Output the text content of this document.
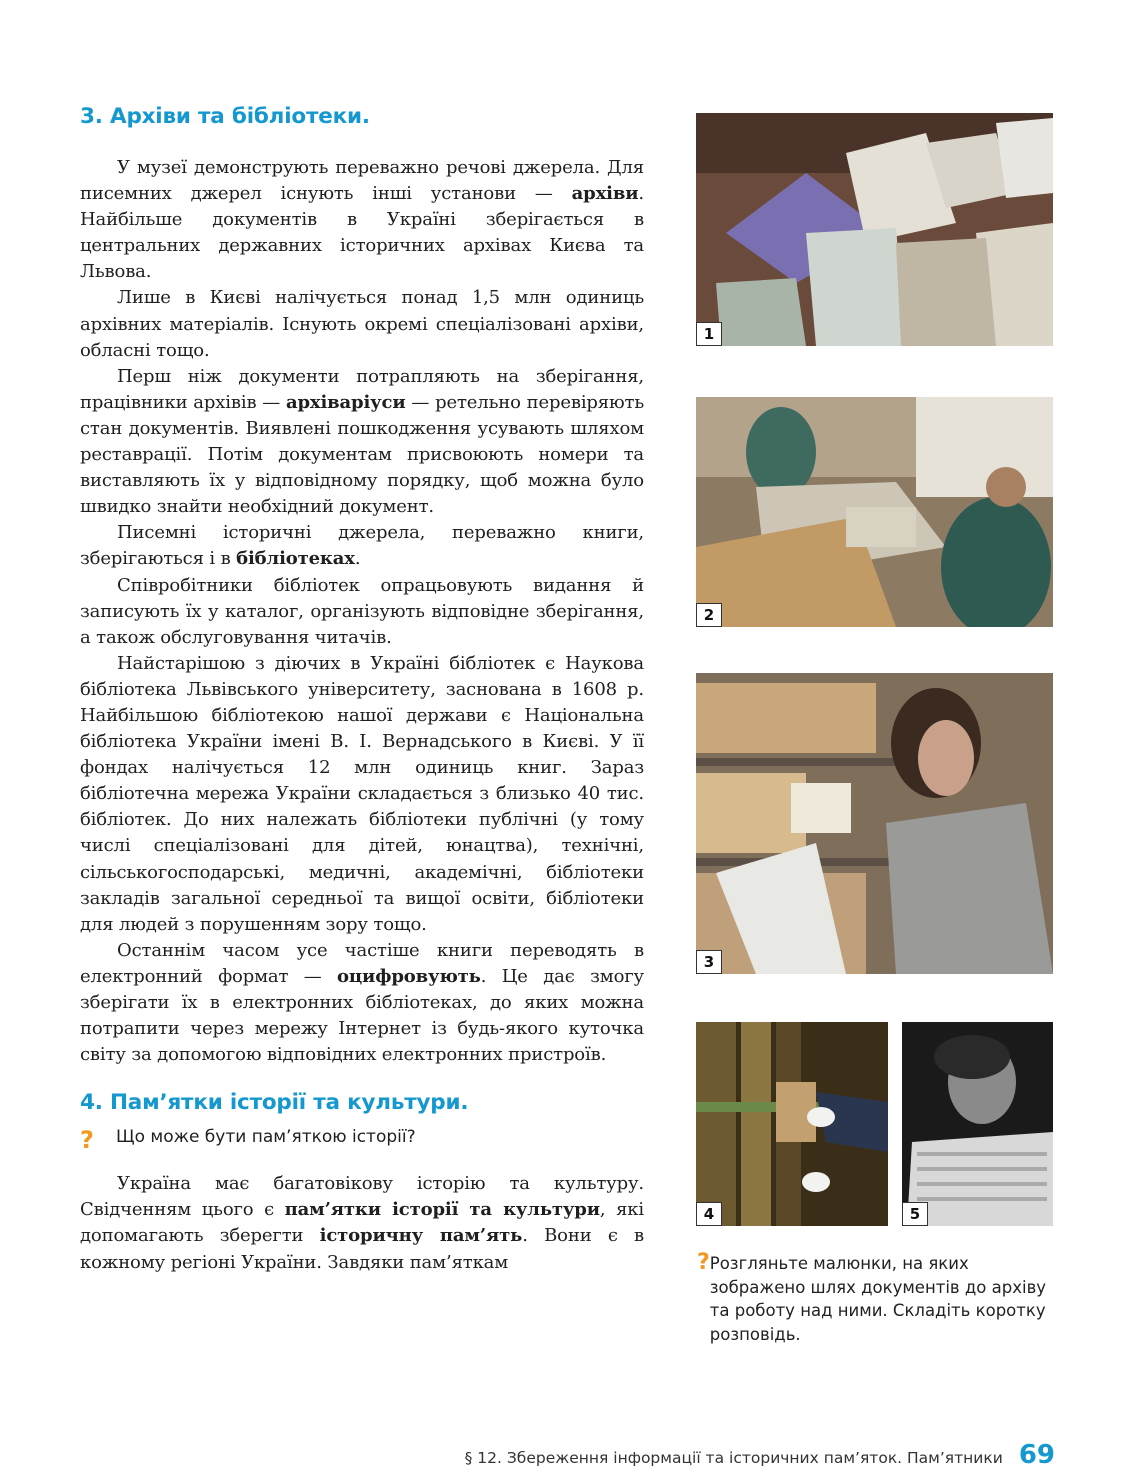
3. Архіви та бібліотеки.

У музеї демонструють переважно речові джерела. Для писемних джерел існують інші установи — архіви. Найбільше документів в Україні зберігається в центральних державних історичних архівах Києва та Львова.

Лише в Києві налічується понад 1,5 млн одиниць архівних матеріалів. Існують окремі спеціалізовані архіви, обласні тощо.

Перш ніж документи потрапляють на зберігання, працівники архівів — архіваріуси — ретельно перевіряють стан документів. Виявлені пошкодження усувають шляхом реставрації. Потім документам присвоюють номери та виставляють їх у відповідному порядку, щоб можна було швидко знайти необхідний документ.

Писемні історичні джерела, переважно книги, зберігаються і в бібліотеках.

Співробітники бібліотек опрацьовують видання й записують їх у каталог, організують відповідне зберігання, а також обслуговування читачів.

Найстарішою з діючих в Україні бібліотек є Наукова бібліотека Львівського університету, заснована в 1608 р. Найбільшою бібліотекою нашої держави є Національна бібліотека України імені В. І. Вернадського в Києві. У її фондах налічується 12 млн одиниць книг. Зараз бібліотечна мережа України складається з близько 40 тис. бібліотек. До них належать бібліотеки публічні (у тому числі спеціалізовані для дітей, юнацтва), технічні, сільськогосподарські, медичні, академічні, бібліотеки закладів загальної середньої та вищої освіти, бібліотеки для людей з порушенням зору тощо.

Останнім часом усе частіше книги переводять в електронний формат — оцифровують. Це дає змогу зберігати їх в електронних бібліотеках, до яких можна потрапити через мережу Інтернет із будь-якого куточка світу за допомогою відповідних електронних пристроїв.

4. Пам’ятки історії та культури.
?	Що може бути пам’яткою історії?

Україна має багатовікову історію та культуру. Свідченням цього є пам’ятки історії та культури, які допомагають зберегти історичну пам’ять. Вони є в кожному регіоні України. Завдяки пам’яткам

1
2
3
4	5
? Розгляньте малюнки, на яких зображено шлях документів до архіву та роботу над ними. Складіть коротку розповідь.
§ 12. Збереження інформації та історичних пам’яток. Пам’ятники 69
